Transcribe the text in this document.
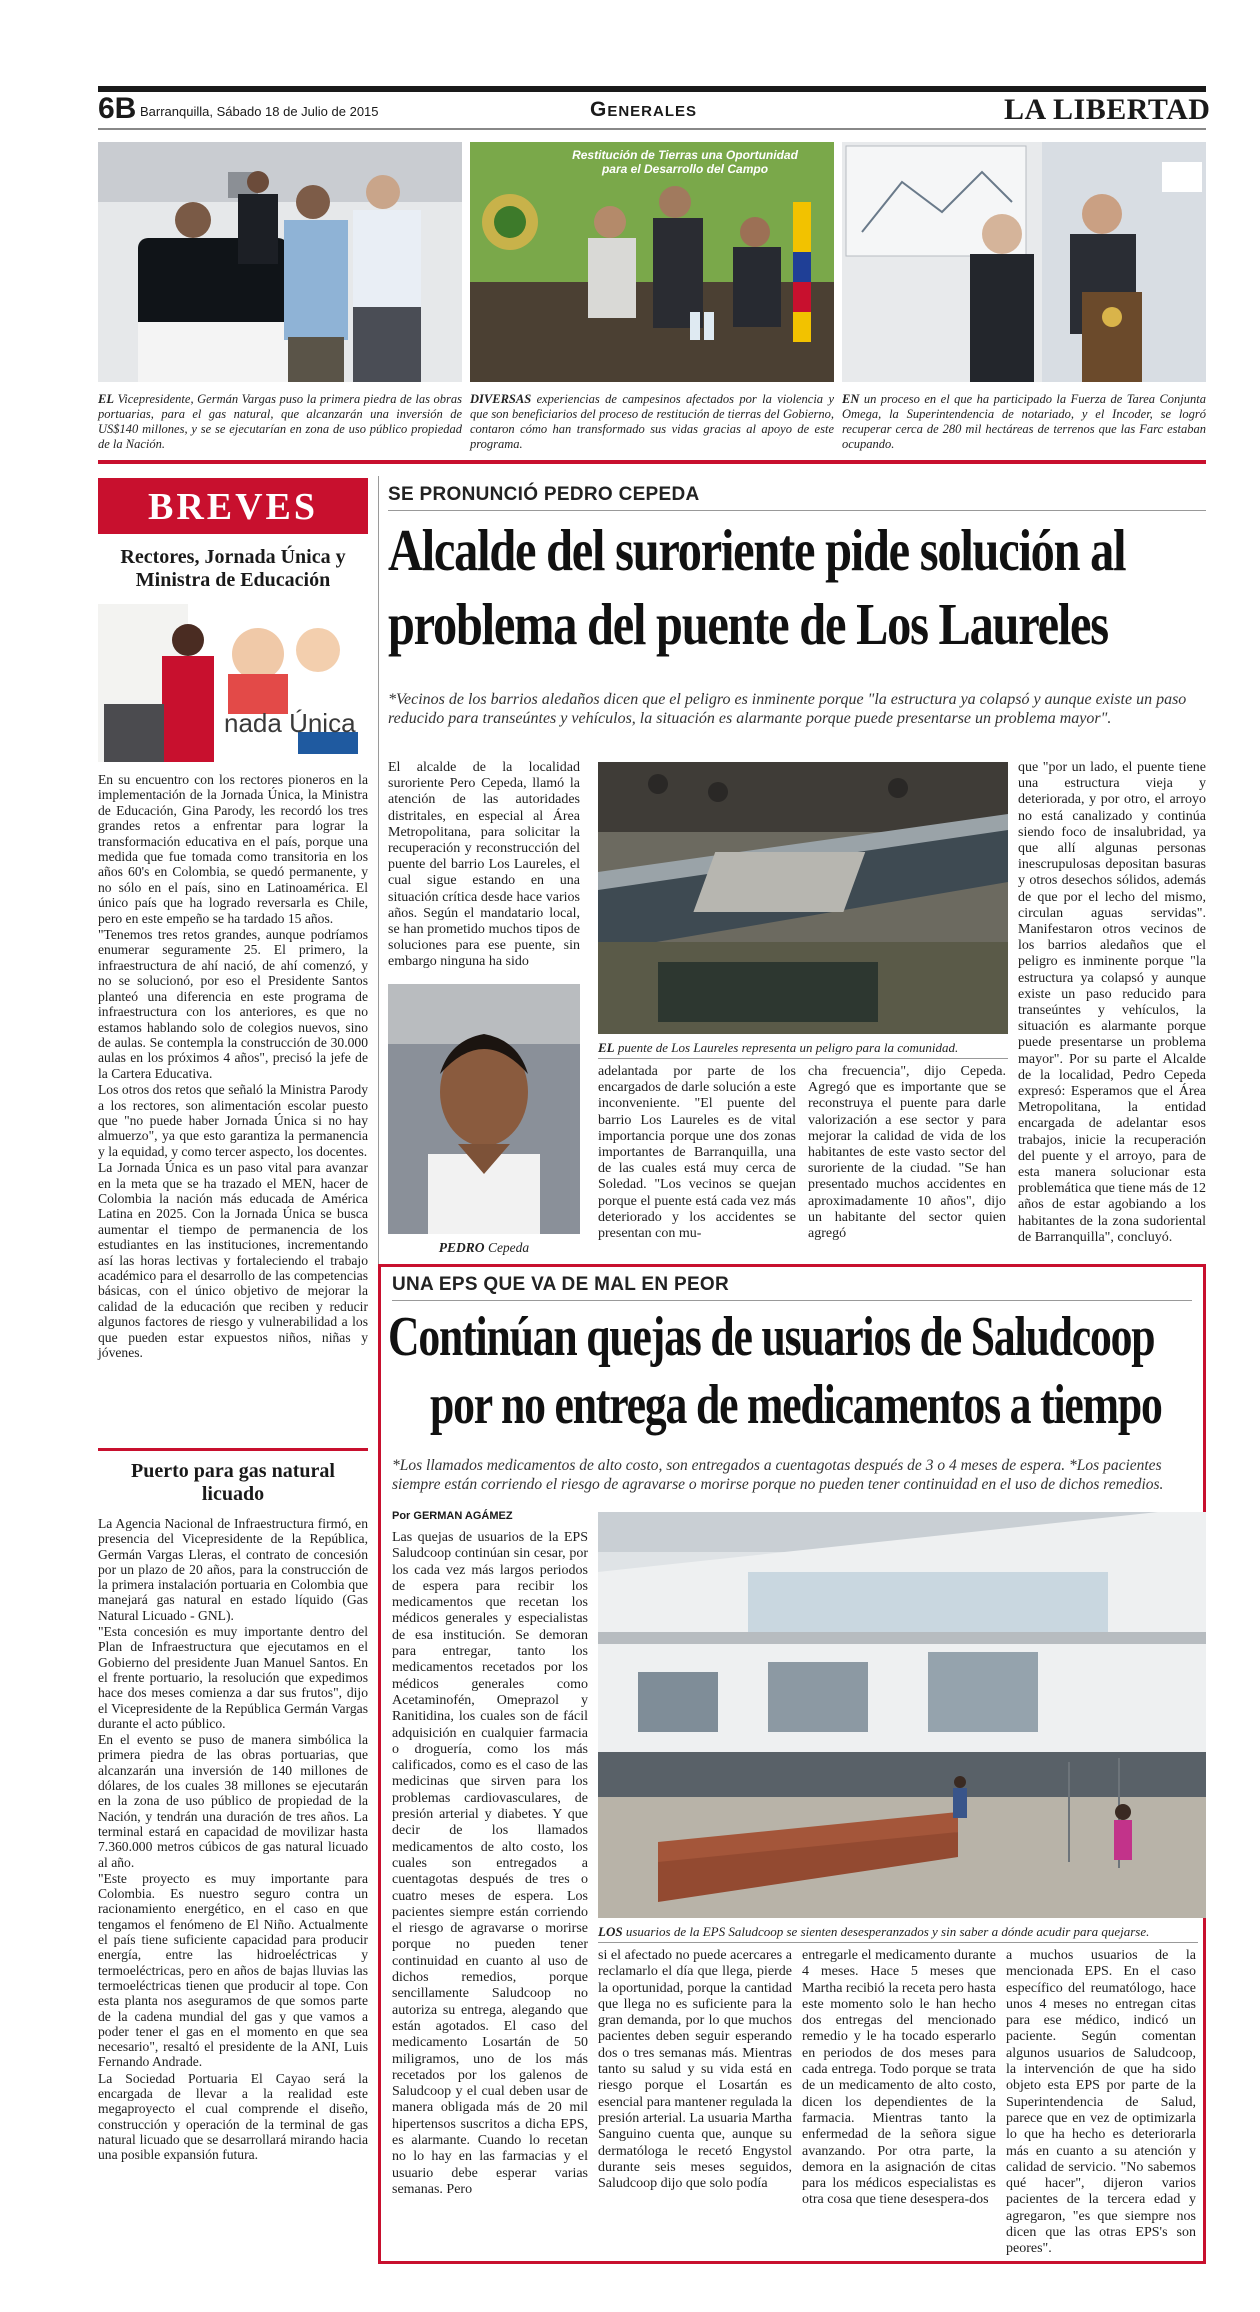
6B Barranquilla, Sábado 18 de Julio de 2015	Generales	LA LIBERTAD
EL Vicepresidente, Germán Vargas puso la primera piedra de las obras portuarias, para el gas natural, que alcanzarán una inversión de US$140 millones, y se se ejecutarían en zona de uso público propiedad de la Nación.
Restitución de Tierras una Oportunidad
para el Desarrollo del Campo
DIVERSAS experiencias de campesinos afectados por la violencia y que son beneficiarios del proceso de restitución de tierras del Gobierno, contaron cómo han transformado sus vidas gracias al apoyo de este programa.
EN un proceso en el que ha participado la Fuerza de Tarea Conjunta Omega, la Superintendencia de notariado, y el Incoder, se logró recuperar cerca de 280 mil hectáreas de terrenos que las Farc estaban ocupando.
BREVES
Rectores, Jornada Única y Ministra de Educación
nada Única

En su encuentro con los rectores pioneros en la implementación de la Jornada Única, la Ministra de Educación, Gina Parody, les recordó los tres grandes retos a enfrentar para lograr la transformación educativa en el país, porque una medida que fue tomada como transitoria en los años 60's en Colombia, se quedó permanente, y no sólo en el país, sino en Latinoamérica. El único país que ha logrado reversarla es Chile, pero en este empeño se ha tardado 15 años.

"Tenemos tres retos grandes, aunque podríamos enumerar seguramente 25. El primero, la infraestructura de ahí nació, de ahí comenzó, y no se solucionó, por eso el Presidente Santos planteó una diferencia en este programa de infraestructura con los anteriores, es que no estamos hablando solo de colegios nuevos, sino de aulas. Se contempla la construcción de 30.000 aulas en los próximos 4 años", precisó la jefe de la Cartera Educativa.

Los otros dos retos que señaló la Ministra Parody a los rectores, son alimentación escolar puesto que "no puede haber Jornada Única si no hay almuerzo", ya que esto garantiza la permanencia y la equidad, y como tercer aspecto, los docentes.

La Jornada Única es un paso vital para avanzar en la meta que se ha trazado el MEN, hacer de Colombia la nación más educada de América Latina en 2025. Con la Jornada Única se busca aumentar el tiempo de permanencia de los estudiantes en las instituciones, incrementando así las horas lectivas y fortaleciendo el trabajo académico para el desarrollo de las competencias básicas, con el único objetivo de mejorar la calidad de la educación que reciben y reducir algunos factores de riesgo y vulnerabilidad a los que pueden estar expuestos niños, niñas y jóvenes.

Puerto para gas natural licuado

La Agencia Nacional de Infraestructura firmó, en presencia del Vicepresidente de la República, Germán Vargas Lleras, el contrato de concesión por un plazo de 20 años, para la construcción de la primera instalación portuaria en Colombia que manejará gas natural en estado líquido (Gas Natural Licuado - GNL).

"Esta concesión es muy importante dentro del Plan de Infraestructura que ejecutamos en el Gobierno del presidente Juan Manuel Santos. En el frente portuario, la resolución que expedimos hace dos meses comienza a dar sus frutos", dijo el Vicepresidente de la República Germán Vargas durante el acto público.

En el evento se puso de manera simbólica la primera piedra de las obras portuarias, que alcanzarán una inversión de 140 millones de dólares, de los cuales 38 millones se ejecutarán en la zona de uso público de propiedad de la Nación, y tendrán una duración de tres años. La terminal estará en capacidad de movilizar hasta 7.360.000 metros cúbicos de gas natural licuado al año.

"Este proyecto es muy importante para Colombia. Es nuestro seguro contra un racionamiento energético, en el caso en que tengamos el fenómeno de El Niño. Actualmente el país tiene suficiente capacidad para producir energía, entre las hidroeléctricas y termoeléctricas, pero en años de bajas lluvias las termoeléctricas tienen que producir al tope. Con esta planta nos aseguramos de que somos parte de la cadena mundial del gas y que vamos a poder tener el gas en el momento en que sea necesario", resaltó el presidente de la ANI, Luis Fernando Andrade.

La Sociedad Portuaria El Cayao será la encargada de llevar a la realidad este megaproyecto el cual comprende el diseño, construcción y operación de la terminal de gas natural licuado que se desarrollará mirando hacia una posible expansión futura.

SE PRONUNCIÓ PEDRO CEPEDA
Alcalde del suroriente pide solución al
problema del puente de Los Laureles
*Vecinos de los barrios aledaños dicen que el peligro es inminente porque "la estructura ya colapsó y aunque existe un paso reducido para transeúntes y vehículos, la situación es alarmante porque puede presentarse un problema mayor".
El alcalde de la localidad suroriente Pero Cepeda, llamó la atención de las autoridades distritales, en especial al Área Metropolitana, para solicitar la recuperación y reconstrucción del puente del barrio Los Laureles, el cual sigue estando en una situación crítica desde hace varios años. Según el mandatario local, se han prometido muchos tipos de soluciones para ese puente, sin embargo ninguna ha sido
PEDRO Cepeda
EL puente de Los Laureles representa un peligro para la comunidad.
adelantada por parte de los encargados de darle solución a este inconveniente. "El puente del barrio Los Laureles es de vital importancia porque une dos zonas importantes de Barranquilla, una de las cuales está muy cerca de Soledad. "Los vecinos se quejan porque el puente está cada vez más deteriorado y los accidentes se presentan con mu-
cha frecuencia", dijo Cepeda. Agregó que es importante que se reconstruya el puente para darle valorización a ese sector y para mejorar la calidad de vida de los habitantes de este vasto sector del suroriente de la ciudad. "Se han presentado muchos accidentes en aproximadamente 10 años", dijo un habitante del sector quien agregó
que "por un lado, el puente tiene una estructura vieja y deteriorada, y por otro, el arroyo no está canalizado y continúa siendo foco de insalubridad, ya que allí algunas personas inescrupulosas depositan basuras y otros desechos sólidos, además de que por el lecho del mismo, circulan aguas servidas". Manifestaron otros vecinos de los barrios aledaños que el peligro es inminente porque "la estructura ya colapsó y aunque existe un paso reducido para transeúntes y vehículos, la situación es alarmante porque puede presentarse un problema mayor". Por su parte el Alcalde de la localidad, Pedro Cepeda expresó: Esperamos que el Área Metropolitana, la entidad encargada de adelantar esos trabajos, inicie la recuperación del puente y el arroyo, para de esta manera solucionar esta problemática que tiene más de 12 años de estar agobiando a los habitantes de la zona sudoriental de Barranquilla", concluyó.
UNA EPS QUE VA DE MAL EN PEOR
Continúan quejas de usuarios de Saludcoop
por no entrega de medicamentos a tiempo
*Los llamados medicamentos de alto costo, son entregados a cuentagotas después de 3 o 4 meses de espera. *Los pacientes siempre están corriendo el riesgo de agravarse o morirse porque no pueden tener continuidad en el uso de dichos remedios.
Por GERMAN AGÁMEZ
Las quejas de usuarios de la EPS Saludcoop continúan sin cesar, por los cada vez más largos periodos de espera para recibir los medicamentos que recetan los médicos generales y especialistas de esa institución. Se demoran para entregar, tanto los medicamentos recetados por los médicos generales como Acetaminofén, Omeprazol y Ranitidina, los cuales son de fácil adquisición en cualquier farmacia o droguería, como los más calificados, como es el caso de las medicinas que sirven para los problemas cardiovasculares, de presión arterial y diabetes. Y que decir de los llamados medicamentos de alto costo, los cuales son entregados a cuentagotas después de tres o cuatro meses de espera. Los pacientes siempre están corriendo el riesgo de agravarse o morirse porque no pueden tener continuidad en cuanto al uso de dichos remedios, porque sencillamente Saludcoop no autoriza su entrega, alegando que están agotados. El caso del medicamento Losartán de 50 miligramos, uno de los más recetados por los galenos de Saludcoop y el cual deben usar de manera obligada más de 20 mil hipertensos suscritos a dicha EPS, es alarmante. Cuando lo recetan no lo hay en las farmacias y el usuario debe esperar varias semanas. Pero
LOS usuarios de la EPS Saludcoop se sienten desesperanzados y sin saber a dónde acudir para quejarse.
si el afectado no puede acercares a reclamarlo el día que llega, pierde la oportunidad, porque la cantidad que llega no es suficiente para la gran demanda, por lo que muchos pacientes deben seguir esperando dos o tres semanas más. Mientras tanto su salud y su vida está en riesgo porque el Losartán es esencial para mantener regulada la presión arterial. La usuaria Martha Sanguino cuenta que, aunque su dermatóloga le recetó Engystol durante seis meses seguidos, Saludcoop dijo que solo podía
entregarle el medicamento durante 4 meses. Hace 5 meses que Martha recibió la receta pero hasta este momento solo le han hecho dos entregas del mencionado remedio y le ha tocado esperarlo en periodos de dos meses para cada entrega. Todo porque se trata de un medicamento de alto costo, dicen los dependientes de la farmacia. Mientras tanto la enfermedad de la señora sigue avanzando. Por otra parte, la demora en la asignación de citas para los médicos especialistas es otra cosa que tiene desespera-dos
a muchos usuarios de la mencionada EPS. En el caso específico del reumatólogo, hace unos 4 meses no entregan citas para ese médico, indicó un paciente. Según comentan algunos usuarios de Saludcoop, la intervención de que ha sido objeto esta EPS por parte de la Superintendencia de Salud, parece que en vez de optimizarla lo que ha hecho es deteriorarla más en cuanto a su atención y calidad de servicio. "No sabemos qué hacer", dijeron varios pacientes de la tercera edad y agregaron, "es que siempre nos dicen que las otras EPS's son peores".
